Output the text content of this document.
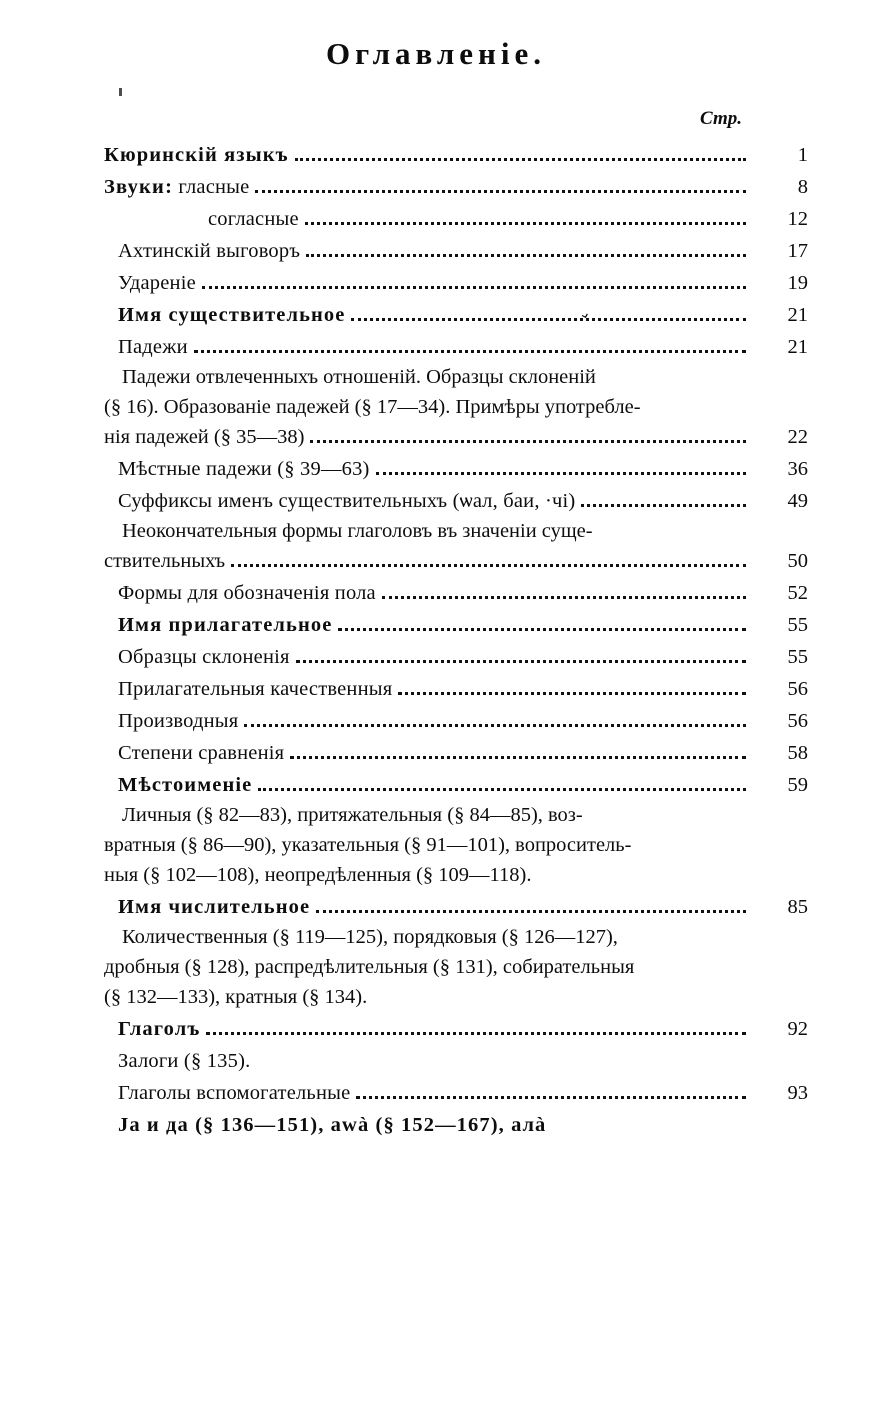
Оглавленіе.
Стр.
⌄
Кюринскій языкъ	1
Звуки: гласные	8
согласные	12
Ахтинскій выговоръ	17
Удареніе	19
Имя существительное	21
Падежи	21
Падежи отвлеченныхъ отношеній. Образцы склоненій
(§ 16). Образованіе падежей (§ 17—34). Примѣры употребле-
нія падежей (§ 35—38)	22
Мѣстные падежи (§ 39—63)	36
Суффиксы именъ существительныхъ (ѡaл, баи, ·чі)	49
Неокончательныя формы глаголовъ въ значеніи суще-
ствительныхъ	50
Формы для обозначенія пола	52
Имя прилагательное	55
Образцы склоненія	55
Прилагательныя качественныя	56
Производныя	56
Степени сравненія	58
Мѣстоименіе	59
Личныя (§ 82—83), притяжательныя (§ 84—85), воз-
вратныя (§ 86—90), указательныя (§ 91—101), вопроситель-
ныя (§ 102—108), неопредѣленныя (§ 109—118).
Имя числительное	85
Количественныя (§ 119—125), порядковыя (§ 126—127),
дробныя (§ 128), распредѣлительныя (§ 131), собирательныя
(§ 132—133), кратныя (§ 134).
Глаголъ	92
Залоги (§ 135).
Глаголы вспомогательные	93
Ja и да (§ 136—151), awà (§ 152—167), aлà
